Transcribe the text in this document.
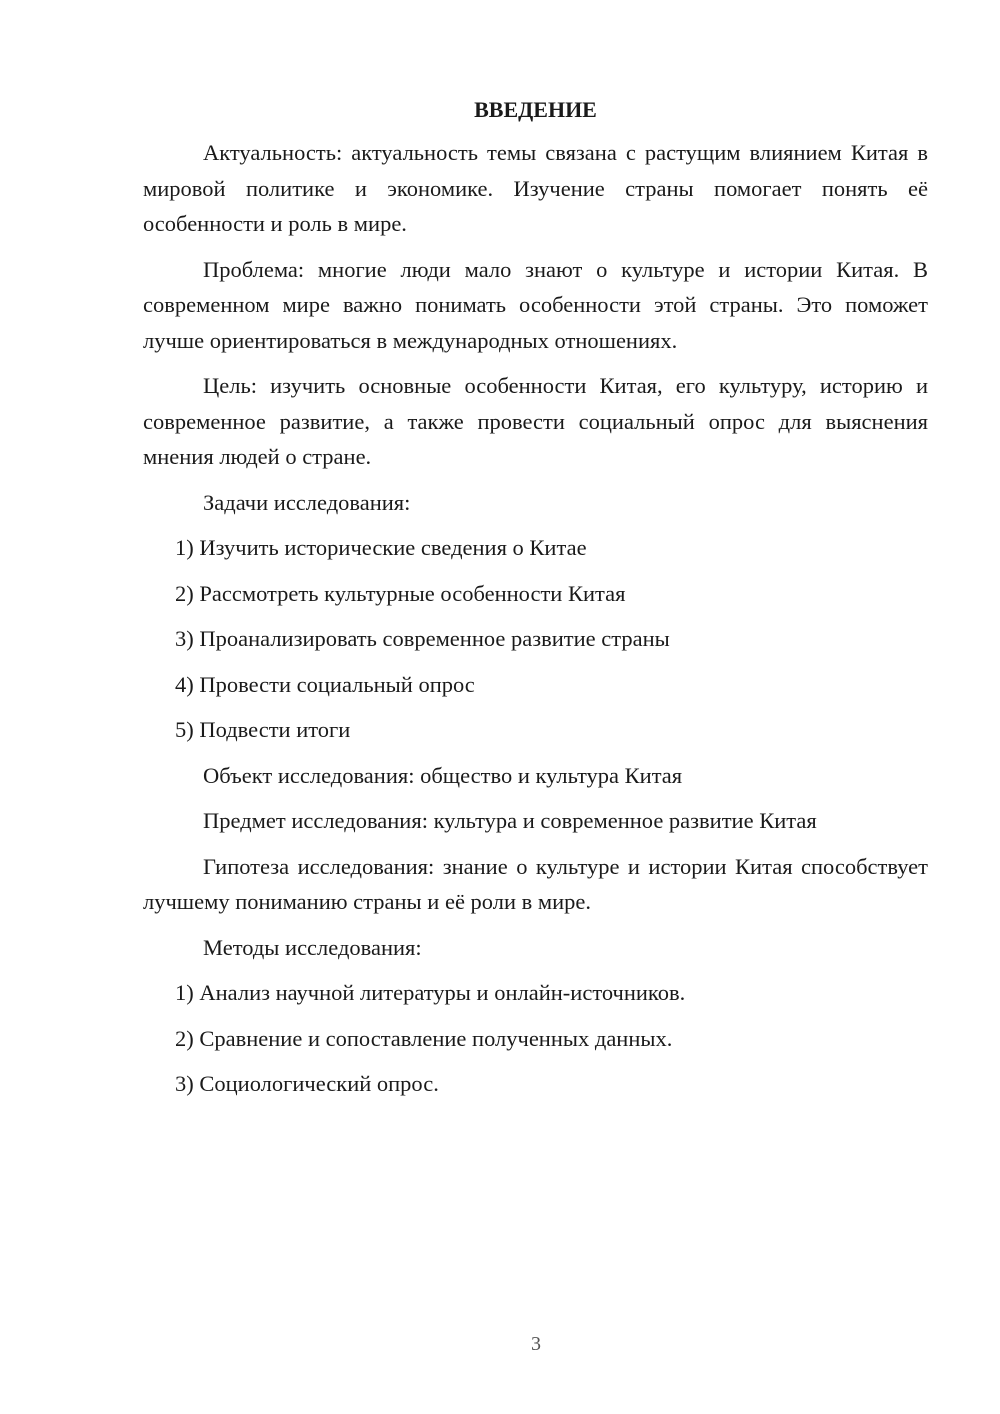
ВВЕДЕНИЕ

Актуальность: актуальность темы связана с растущим влиянием Китая в мировой политике и экономике. Изучение страны помогает понять её особенности и роль в мире.

Проблема: многие люди мало знают о культуре и истории Китая. В современном мире важно понимать особенности этой страны. Это поможет лучше ориентироваться в международных отношениях.

Цель: изучить основные особенности Китая, его культуру, историю и современное развитие, а также провести социальный опрос для выяснения мнения людей о стране.

Задачи исследования:

1) Изучить исторические сведения о Китае

2) Рассмотреть культурные особенности Китая

3) Проанализировать современное развитие страны

4) Провести социальный опрос

5) Подвести итоги

Объект исследования: общество и культура Китая

Предмет исследования: культура и современное развитие Китая

Гипотеза исследования: знание о культуре и истории Китая способствует лучшему пониманию страны и её роли в мире.

Методы исследования:

1) Анализ научной литературы и онлайн-источников.

2) Сравнение и сопоставление полученных данных.

3) Социологический опрос.

3
